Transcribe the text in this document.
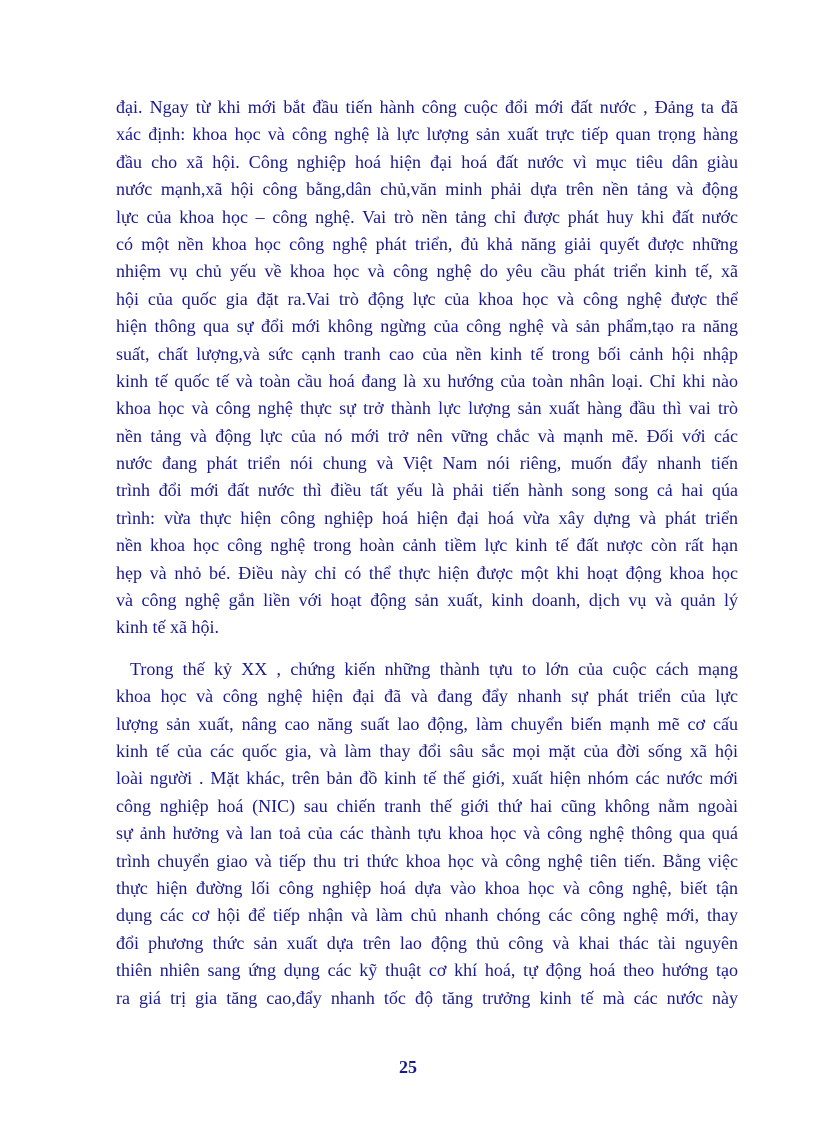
đại. Ngay từ khi mới bắt đầu tiến hành công cuộc đổi mới đất nước , Đảng ta đã
xác định: khoa học và công nghệ là lực lượng sản xuất trực tiếp quan trọng hàng
đầu cho xã hội. Công nghiệp hoá hiện đại hoá đất nước vì mục tiêu dân giàu
nước mạnh,xã hội công bằng,dân chủ,văn minh phải dựa trên nền tảng và động
lực của khoa học – công nghệ. Vai trò nền tảng chỉ được phát huy khi đất nước
có một nền khoa học công nghệ phát triển, đủ khả năng giải quyết được những
nhiệm vụ chủ yếu về khoa học và công nghệ do yêu cầu phát triển kinh tế, xã
hội của quốc gia đặt ra.Vai trò động lực của khoa học và công nghệ được thể
hiện thông qua sự đổi mới không ngừng của công nghệ và sản phẩm,tạo ra năng
suất, chất lượng,và sức cạnh tranh cao của nền kinh tế trong bối cảnh hội nhập
kinh tế quốc tế và toàn cầu hoá đang là xu hướng của toàn nhân loại. Chỉ khi nào
khoa học và công nghệ thực sự trở thành lực lượng sản xuất hàng đầu thì vai trò
nền tảng và động lực của nó mới trở nên vững chắc và mạnh mẽ. Đối với các
nước đang phát triển nói chung và Việt Nam nói riêng, muốn đẩy nhanh tiến
trình đổi mới đất nước thì điều tất yếu là phải tiến hành song song cả hai qúa
trình: vừa thực hiện công nghiệp hoá hiện đại hoá vừa xây dựng và phát triển
nền khoa học công nghệ trong hoàn cảnh tiềm lực kinh tế đất nược còn rất hạn
hẹp và nhỏ bé. Điều này chỉ có thể thực hiện được một khi hoạt động khoa học
và công nghệ gắn liền với hoạt động sản xuất, kinh doanh, dịch vụ và quản lý
kinh tế xã hội.
Trong thế kỷ XX , chứng kiến những thành tựu to lớn của cuộc cách mạng
khoa học và công nghệ hiện đại đã và đang đẩy nhanh sự phát triển của lực
lượng sản xuất, nâng cao năng suất lao động, làm chuyển biến mạnh mẽ cơ cấu
kinh tế của các quốc gia, và làm thay đổi sâu sắc mọi mặt của đời sống xã hội
loài người . Mặt khác, trên bản đồ kinh tế thế giới, xuất hiện nhóm các nước mới
công nghiệp hoá (NIC) sau chiến tranh thế giới thứ hai cũng không nằm ngoài
sự ảnh hưởng và lan toả của các thành tựu khoa học và công nghệ thông qua quá
trình chuyển giao và tiếp thu tri thức khoa học và công nghệ tiên tiến. Bằng việc
thực hiện đường lối công nghiệp hoá dựa vào khoa học và công nghệ, biết tận
dụng các cơ hội để tiếp nhận và làm chủ nhanh chóng các công nghệ mới, thay
đổi phương thức sản xuất dựa trên lao động thủ công và khai thác tài nguyên
thiên nhiên sang ứng dụng các kỹ thuật cơ khí hoá, tự động hoá theo hướng tạo
ra giá trị gia tăng cao,đẩy nhanh tốc độ tăng trưởng kinh tế mà các nước này
25
